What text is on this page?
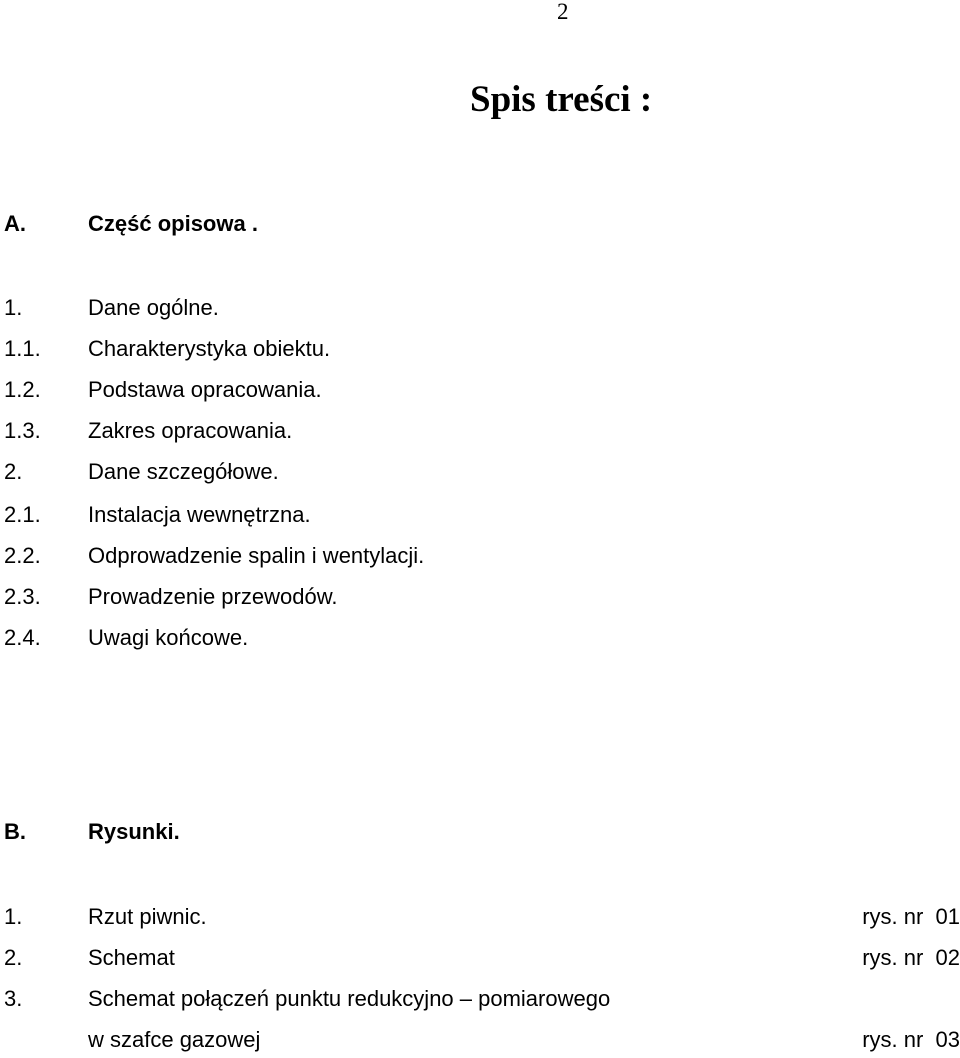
2
Spis treści :
A.	Część opisowa .
1.	Dane ogólne.
1.1. Charakterystyka obiektu.
1.2. Podstawa opracowania.
1.3. Zakres opracowania.
2.	Dane szczegółowe.
2.1. Instalacja wewnętrzna.
2.2. Odprowadzenie spalin i wentylacji.
2.3. Prowadzenie przewodów.
2.4. Uwagi końcowe.
B.	Rysunki.
1.	Rzut piwnic.	rys. nr  01
2.	Schemat	rys. nr  02
3.	Schemat połączeń punktu redukcyjno – pomiarowego
w szafce gazowej	rys. nr  03
